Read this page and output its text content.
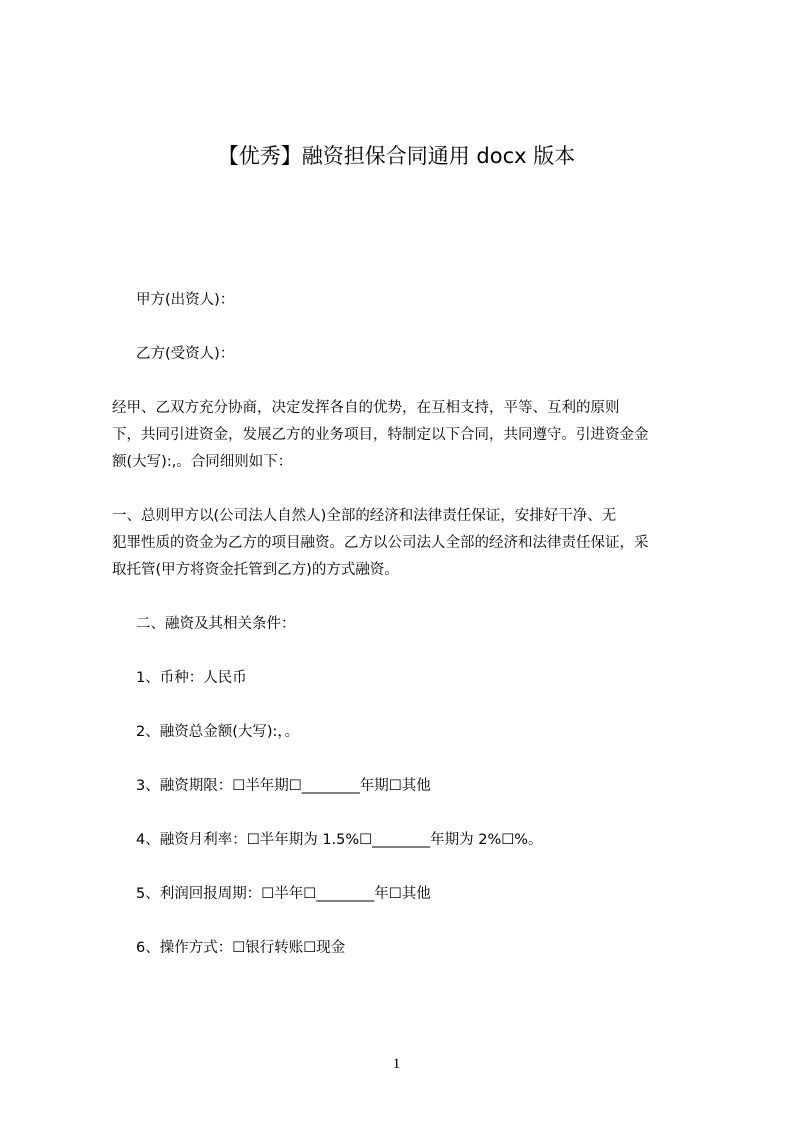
【优秀】融资担保合同通用 docx 版本
甲方(出资人)：
乙方(受资人)：
经甲、乙双方充分协商，决定发挥各自的优势，在互相支持，平等、互利的原则
下，共同引进资金，发展乙方的业务项目，特制定以下合同，共同遵守。引进资金金
额(大写):,。合同细则如下：
一、总则甲方以(公司法人自然人)全部的经济和法律责任保证，安排好干净、无
犯罪性质的资金为乙方的项目融资。乙方以公司法人全部的经济和法律责任保证，采
取托管(甲方将资金托管到乙方)的方式融资。
二、融资及其相关条件：
1、币种：人民币
2、融资总金额(大写):，。
3、融资期限：☐半年期☐________年期☐其他
4、融资月利率：☐半年期为 1.5%☐________年期为 2%☐%。
5、利润回报周期：☐半年☐________年☐其他
6、操作方式：☐银行转账☐现金
1
